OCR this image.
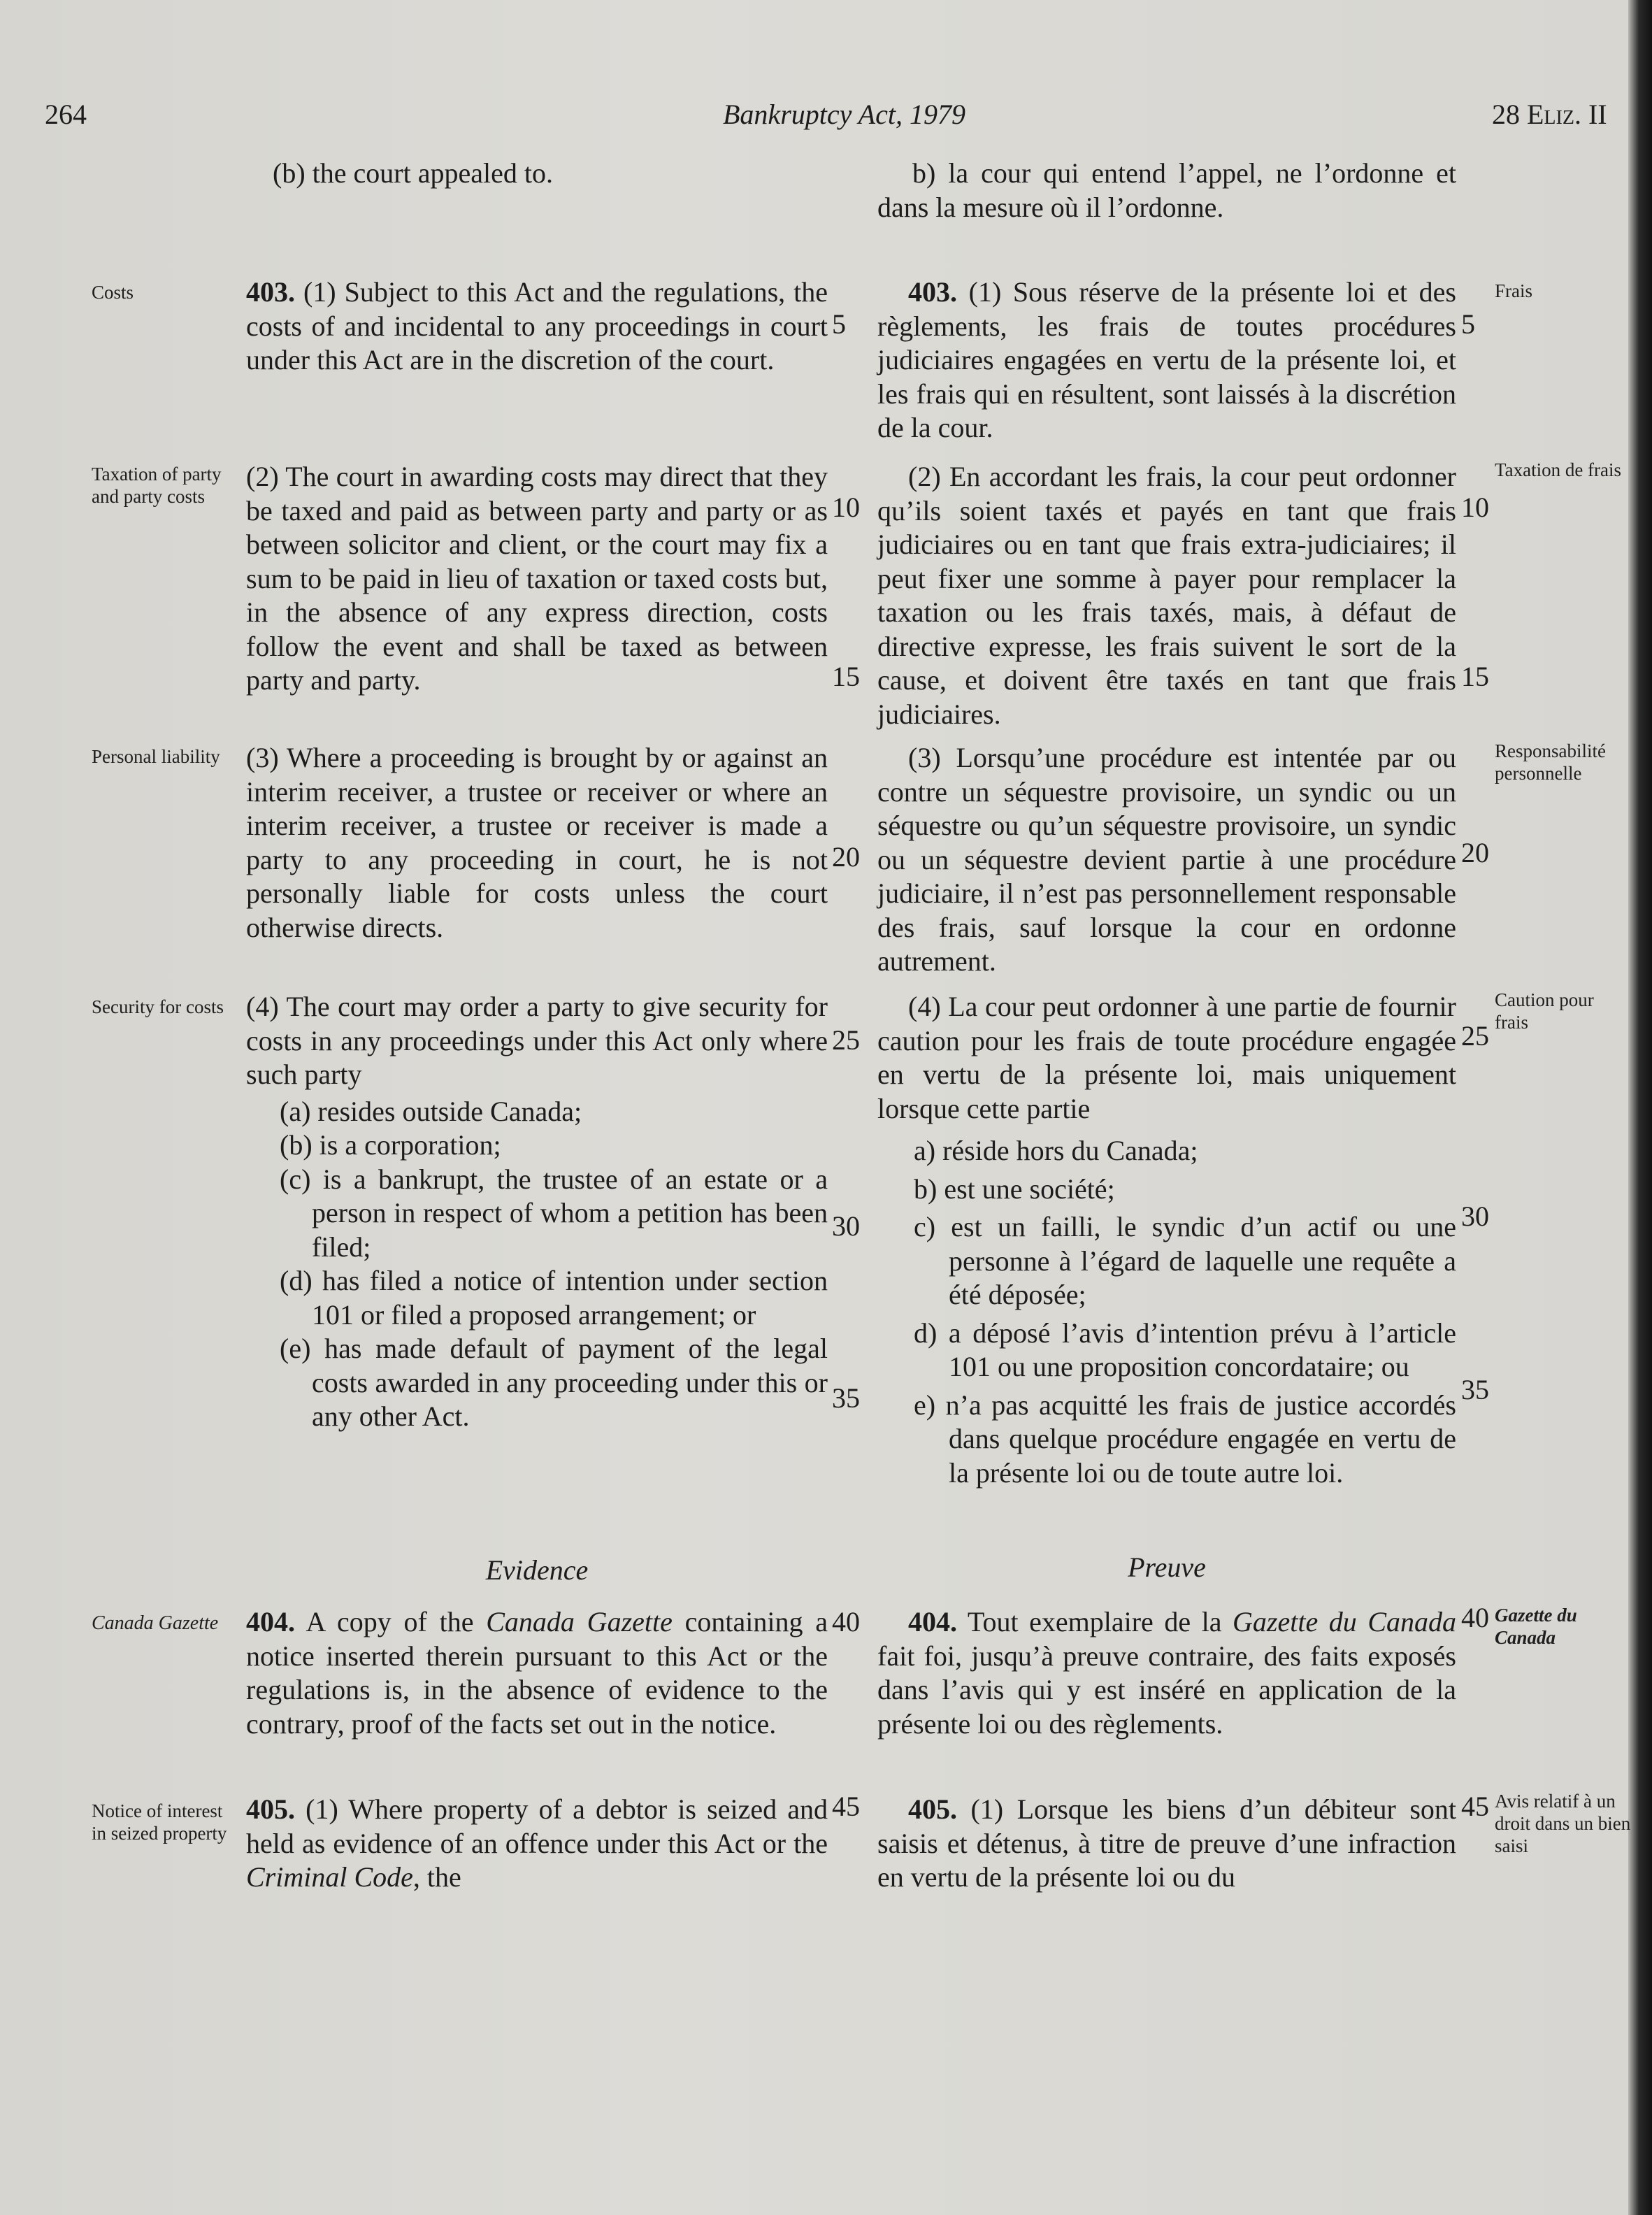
264	Bankruptcy Act, 1979	28 Eliz. II

(b) the court appealed to.

403. (1) Subject to this Act and the regulations, the costs of and incidental to any proceedings in court under this Act are in the discretion of the court.

(2) The court in awarding costs may direct that they be taxed and paid as between party and party or as between solicitor and client, or the court may fix a sum to be paid in lieu of taxation or taxed costs but, in the absence of any express direction, costs follow the event and shall be taxed as between party and party.

(3) Where a proceeding is brought by or against an interim receiver, a trustee or receiver or where an interim receiver, a trustee or receiver is made a party to any proceeding in court, he is not personally liable for costs unless the court otherwise directs.

(4) The court may order a party to give security for costs in any proceedings under this Act only where such party

(a) resides outside Canada;

(b) is a corporation;

(c) is a bankrupt, the trustee of an estate or a person in respect of whom a petition has been filed;

(d) has filed a notice of intention under section 101 or filed a proposed arrangement; or

(e) has made default of payment of the legal costs awarded in any proceeding under this or any other Act.

Evidence

404. A copy of the Canada Gazette containing a notice inserted therein pursuant to this Act or the regulations is, in the absence of evidence to the contrary, proof of the facts set out in the notice.

405. (1) Where property of a debtor is seized and held as evidence of an offence under this Act or the Criminal Code, the

b) la cour qui entend l’appel, ne l’ordonne et dans la mesure où il l’ordonne.

403. (1) Sous réserve de la présente loi et des règlements, les frais de toutes procédures judiciaires engagées en vertu de la présente loi, et les frais qui en résultent, sont laissés à la discrétion de la cour.

(2) En accordant les frais, la cour peut ordonner qu’ils soient taxés et payés en tant que frais judiciaires ou en tant que frais extra-judiciaires; il peut fixer une somme à payer pour remplacer la taxation ou les frais taxés, mais, à défaut de directive expresse, les frais suivent le sort de la cause, et doivent être taxés en tant que frais judiciaires.

(3) Lorsqu’une procédure est intentée par ou contre un séquestre provisoire, un syndic ou un séquestre ou qu’un séquestre provisoire, un syndic ou un séquestre devient partie à une procédure judiciaire, il n’est pas personnellement responsable des frais, sauf lorsque la cour en ordonne autrement.

(4) La cour peut ordonner à une partie de fournir caution pour les frais de toute procédure engagée en vertu de la présente loi, mais uniquement lorsque cette partie

a) réside hors du Canada;

b) est une société;

c) est un failli, le syndic d’un actif ou une personne à l’égard de laquelle une requête a été déposée;

d) a déposé l’avis d’intention prévu à l’article 101 ou une proposition concordataire; ou

e) n’a pas acquitté les frais de justice accordés dans quelque procédure engagée en vertu de la présente loi ou de toute autre loi.

Preuve

404. Tout exemplaire de la Gazette du Canada fait foi, jusqu’à preuve contraire, des faits exposés dans l’avis qui y est inséré en application de la présente loi ou des règlements.

405. (1) Lorsque les biens d’un débiteur sont saisis et détenus, à titre de preuve d’une infraction en vertu de la présente loi ou du

Costs
Taxation of party and party costs
Personal liability
Security for costs
Canada Gazette
Notice of interest in seized property
Frais
Taxation de frais
Responsabilité personnelle
Caution pour frais
Gazette du Canada
Avis relatif à un droit dans un bien saisi
5
10
15
20
25
30
35
40
45
5
10
15
20
25
30
35
40
45
